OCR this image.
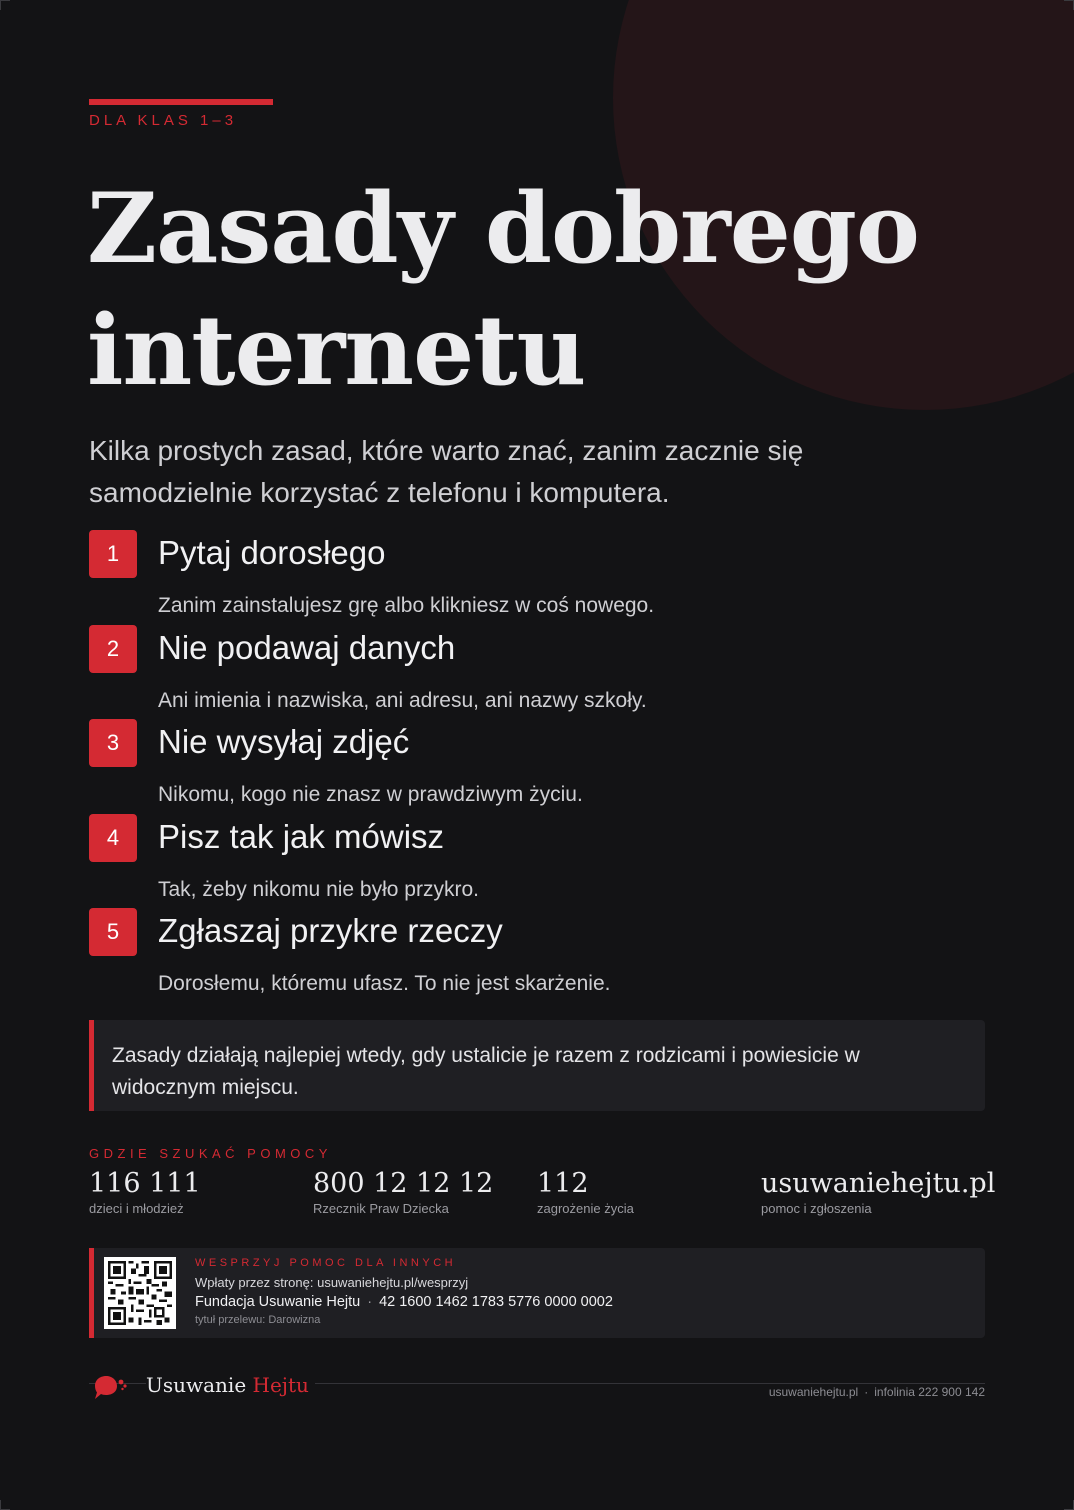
DLA KLAS 1–3
Zasady dobrego
internetu

Kilka prostych zasad, które warto znać, zanim zacznie się samodzielnie korzystać z telefonu i komputera.

1	Pytaj dorosłego
Zanim zainstalujesz grę albo klikniesz w coś nowego.
2	Nie podawaj danych
Ani imienia i nazwiska, ani adresu, ani nazwy szkoły.
3	Nie wysyłaj zdjęć
Nikomu, kogo nie znasz w prawdziwym życiu.
4	Pisz tak jak mówisz
Tak, żeby nikomu nie było przykro.
5	Zgłaszaj przykre rzeczy
Dorosłemu, któremu ufasz. To nie jest skarżenie.
Zasady działają najlepiej wtedy, gdy ustalicie je razem z rodzicami i powiesicie w widocznym miejscu.
GDZIE SZUKAĆ POMOCY
116 111
dzieci i młodzież
800 12 12 12
Rzecznik Praw Dziecka
112
zagrożenie życia
usuwaniehejtu.pl
pomoc i zgłoszenia
WESPRZYJ POMOC DLA INNYCH
Wpłaty przez stronę: usuwaniehejtu.pl/wesprzyj
Fundacja Usuwanie Hejtu · 42 1600 1462 1783 5776 0000 0002
tytuł przelewu: Darowizna
Usuwanie Hejtu	usuwaniehejtu.pl · infolinia 222 900 142
